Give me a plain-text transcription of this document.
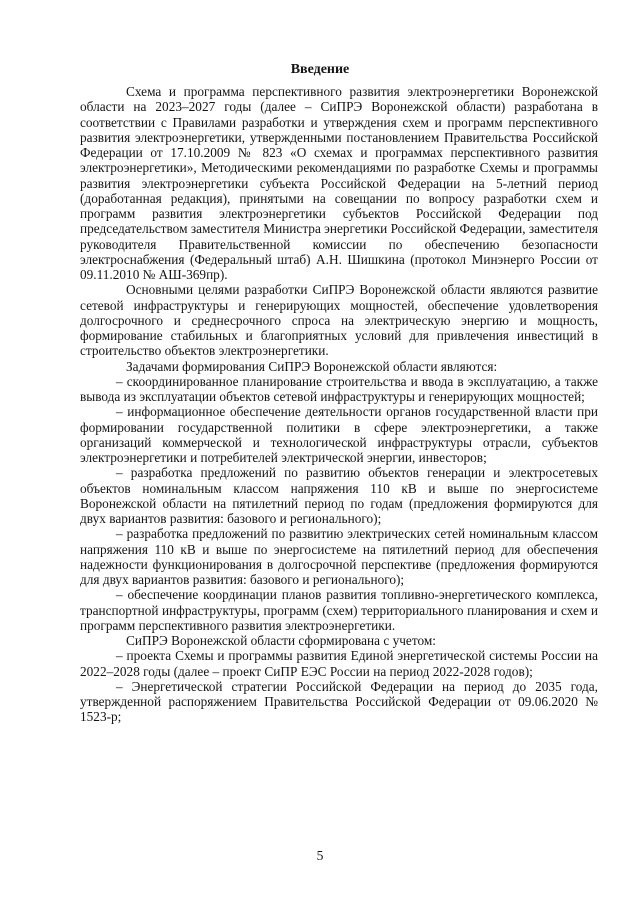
Введение

Схема и программа перспективного развития электроэнергетики Воронежской области на 2023–2027 годы (далее – СиПРЭ Воронежской области) разработана в соответствии с Правилами разработки и утверждения схем и программ перспективного развития электроэнергетики, утвержденными постановлением Правительства Российской Федерации от 17.10.2009 № 823 «О схемах и программах перспективного развития электроэнергетики», Методическими рекомендациями по разработке Схемы и программы развития электроэнергетики субъекта Российской Федерации на 5-летний период (доработанная редакция), принятыми на совещании по вопросу разработки схем и программ развития электроэнергетики субъектов Российской Федерации под председательством заместителя Министра энергетики Российской Федерации, заместителя руководителя Правительственной комиссии по обеспечению безопасности электроснабжения (Федеральный штаб) А.Н. Шишкина (протокол Минэнерго России от 09.11.2010 № АШ-369пр).

Основными целями разработки СиПРЭ Воронежской области являются развитие сетевой инфраструктуры и генерирующих мощностей, обеспечение удовлетворения долгосрочного и среднесрочного спроса на электрическую энергию и мощность, формирование стабильных и благоприятных условий для привлечения инвестиций в строительство объектов электроэнергетики.

Задачами формирования СиПРЭ Воронежской области являются:

– скоординированное планирование строительства и ввода в эксплуатацию, а также вывода из эксплуатации объектов сетевой инфраструктуры и генерирующих мощностей;

– информационное обеспечение деятельности органов государственной власти при формировании государственной политики в сфере электроэнергетики, а также организаций коммерческой и технологической инфраструктуры отрасли, субъектов электроэнергетики и потребителей электрической энергии, инвесторов;

– разработка предложений по развитию объектов генерации и электросетевых объектов номинальным классом напряжения 110 кВ и выше по энергосистеме Воронежской области на пятилетний период по годам (предложения формируются для двух вариантов развития: базового и регионального);

– разработка предложений по развитию электрических сетей номинальным классом напряжения 110 кВ и выше по энергосистеме на пятилетний период для обеспечения надежности функционирования в долгосрочной перспективе (предложения формируются для двух вариантов развития: базового и регионального);

– обеспечение координации планов развития топливно-энергетического комплекса, транспортной инфраструктуры, программ (схем) территориального планирования и схем и программ перспективного развития электроэнергетики.

СиПРЭ Воронежской области сформирована с учетом:

– проекта Схемы и программы развития Единой энергетической системы России на 2022–2028 годы (далее – проект СиПР ЕЭС России на период 2022-2028 годов);

– Энергетической стратегии Российской Федерации на период до 2035 года, утвержденной распоряжением Правительства Российской Федерации от 09.06.2020 № 1523-р;

5
